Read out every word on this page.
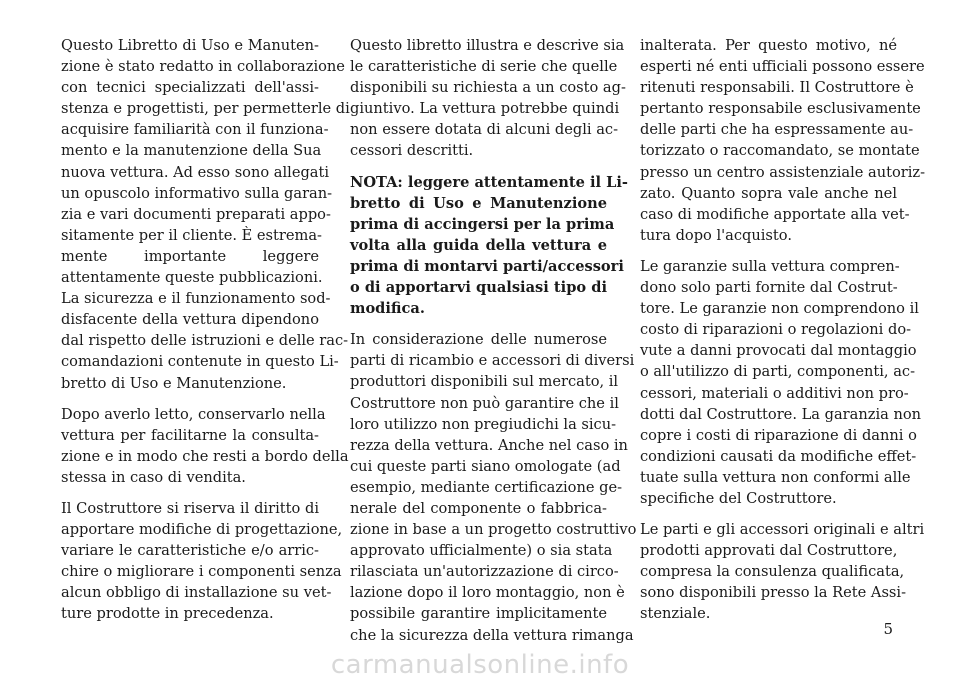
Questo Libretto di Uso e Manuten-
zione è stato redatto in collaborazione
con tecnici specializzati dell'assi-
stenza e progettisti, per permetterle di
acquisire familiarità con il funziona-
mento e la manutenzione della Sua
nuova vettura. Ad esso sono allegati
un opuscolo informativo sulla garan-
zia e vari documenti preparati appo-
sitamente per il cliente. È estrema-
mente importante leggere
attentamente queste pubblicazioni.
La sicurezza e il funzionamento sod-
disfacente della vettura dipendono
dal rispetto delle istruzioni e delle rac-
comandazioni contenute in questo Li-
bretto di Uso e Manutenzione.

Dopo averlo letto, conservarlo nella
vettura per facilitarne la consulta-
zione e in modo che resti a bordo della
stessa in caso di vendita.

Il Costruttore si riserva il diritto di
apportare modifiche di progettazione,
variare le caratteristiche e/o arric-
chire o migliorare i componenti senza
alcun obbligo di installazione su vet-
ture prodotte in precedenza.

Questo libretto illustra e descrive sia
le caratteristiche di serie che quelle
disponibili su richiesta a un costo ag-
giuntivo. La vettura potrebbe quindi
non essere dotata di alcuni degli ac-
cessori descritti.

NOTA: leggere attentamente il Li-
bretto di Uso e Manutenzione
prima di accingersi per la prima
volta alla guida della vettura e
prima di montarvi parti/accessori
o di apportarvi qualsiasi tipo di
modifica.

In considerazione delle numerose
parti di ricambio e accessori di diversi
produttori disponibili sul mercato, il
Costruttore non può garantire che il
loro utilizzo non pregiudichi la sicu-
rezza della vettura. Anche nel caso in
cui queste parti siano omologate (ad
esempio, mediante certificazione ge-
nerale del componente o fabbrica-
zione in base a un progetto costruttivo
approvato ufficialmente) o sia stata
rilasciata un'autorizzazione di circo-
lazione dopo il loro montaggio, non è
possibile garantire implicitamente
che la sicurezza della vettura rimanga

inalterata. Per questo motivo, né
esperti né enti ufficiali possono essere
ritenuti responsabili. Il Costruttore è
pertanto responsabile esclusivamente
delle parti che ha espressamente au-
torizzato o raccomandato, se montate
presso un centro assistenziale autoriz-
zato. Quanto sopra vale anche nel
caso di modifiche apportate alla vet-
tura dopo l'acquisto.

Le garanzie sulla vettura compren-
dono solo parti fornite dal Costrut-
tore. Le garanzie non comprendono il
costo di riparazioni o regolazioni do-
vute a danni provocati dal montaggio
o all'utilizzo di parti, componenti, ac-
cessori, materiali o additivi non pro-
dotti dal Costruttore. La garanzia non
copre i costi di riparazione di danni o
condizioni causati da modifiche effet-
tuate sulla vettura non conformi alle
specifiche del Costruttore.

Le parti e gli accessori originali e altri
prodotti approvati dal Costruttore,
compresa la consulenza qualificata,
sono disponibili presso la Rete Assi-
stenziale.

5
carmanualsonline.info
